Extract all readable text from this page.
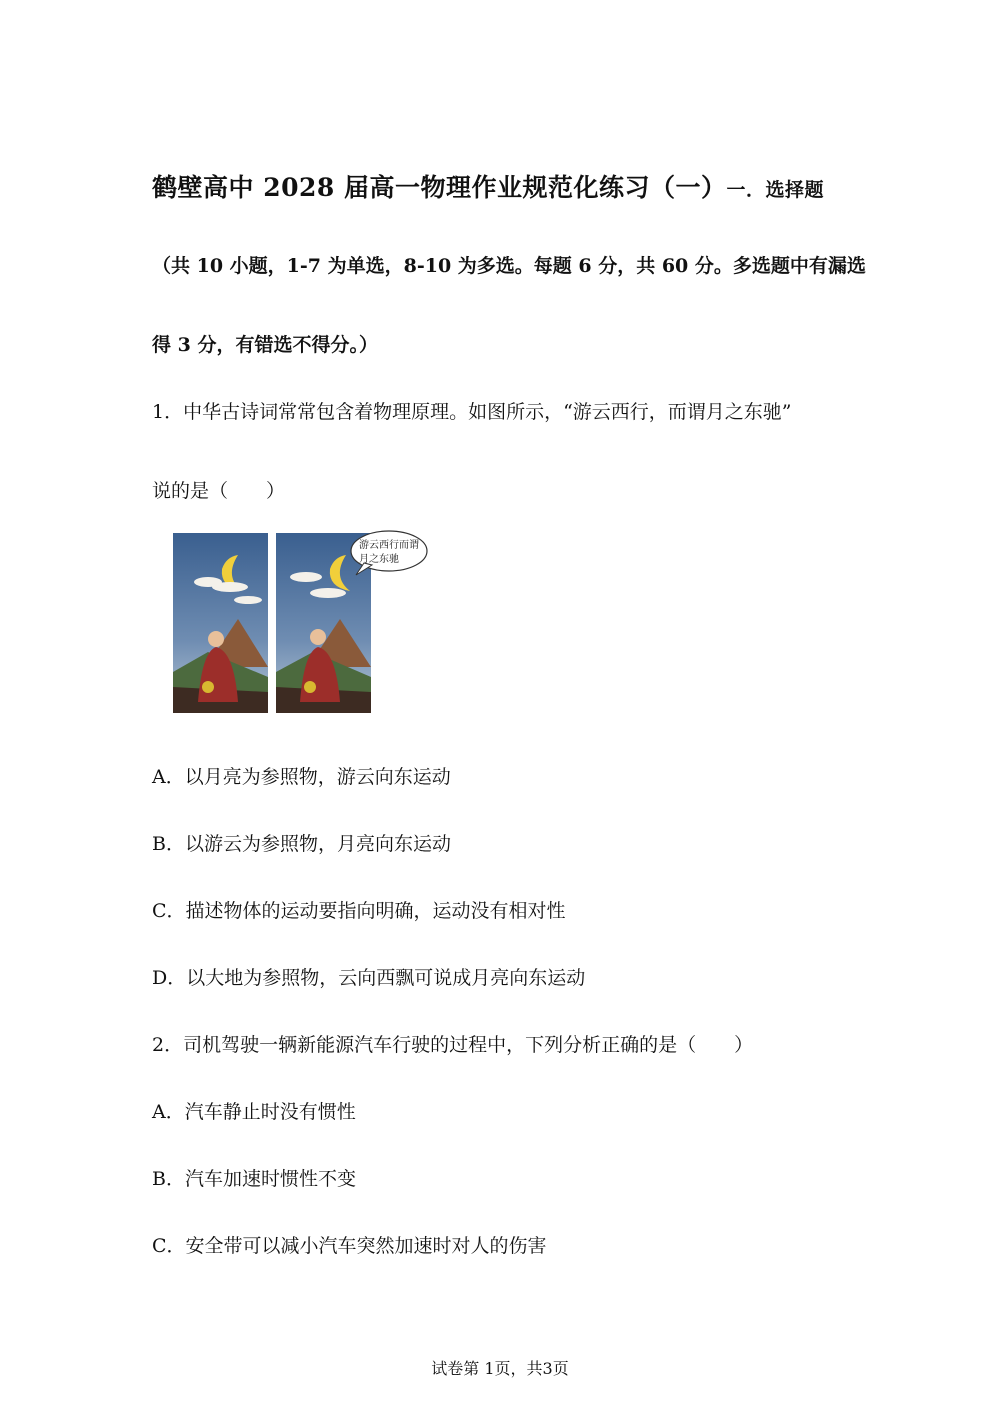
鹤壁高中 2028 届高一物理作业规范化练习（一）一．选择题
（共 10 小题，1-7 为单选，8-10 为多选。每题 6 分，共 60 分。多选题中有漏选
得 3 分，有错选不得分。）
1．中华古诗词常常包含着物理原理。如图所示，“游云西行，而谓月之东驰”
说的是（　　）
游云西行而谓
月之东驰
A．以月亮为参照物，游云向东运动
B．以游云为参照物，月亮向东运动
C．描述物体的运动要指向明确，运动没有相对性
D．以大地为参照物，云向西飘可说成月亮向东运动
2．司机驾驶一辆新能源汽车行驶的过程中，下列分析正确的是（　　）
A．汽车静止时没有惯性
B．汽车加速时惯性不变
C．安全带可以减小汽车突然加速时对人的伤害
试卷第 1页，共3页
